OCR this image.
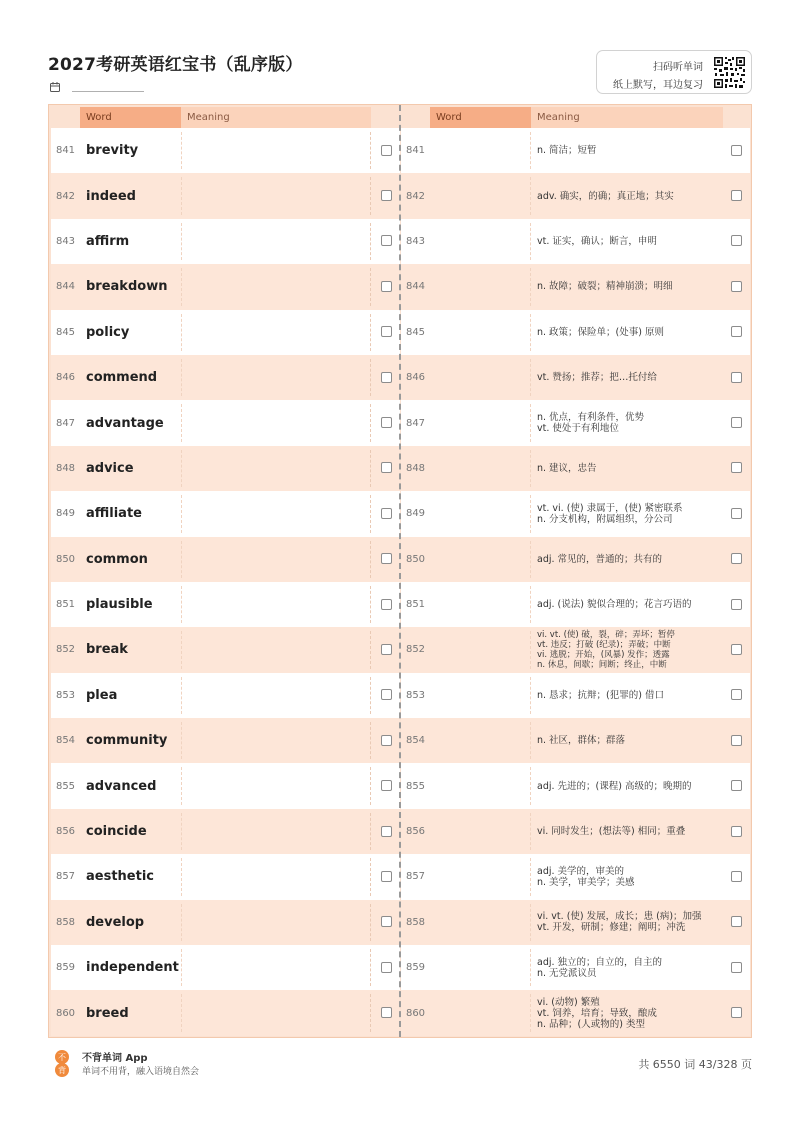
2027考研英语红宝书（乱序版）	扫码听单词
纸上默写，耳边复习
Word	Meaning
841 brevity
842 indeed
843 affirm
844 breakdown
845 policy
846 commend
847 advantage
848 advice
849 affiliate
850 common
851 plausible
852 break
853 plea
854 community
855 advanced
856 coincide
857 aesthetic
858 develop
859 independent
860 breed
Word	Meaning
841	n. 简洁；短暂
842	adv. 确实，的确；真正地；其实
843	vt. 证实，确认；断言，申明
844	n. 故障；破裂；精神崩溃；明细
845	n. 政策；保险单；(处事) 原则
846	vt. 赞扬；推荐；把…托付给
847	n. 优点，有利条件，优势
vt. 使处于有利地位
848	n. 建议，忠告
849	vt. vi. (使) 隶属于，(使) 紧密联系
n. 分支机构，附属组织，分公司
850	adj. 常见的，普通的；共有的
851	adj. (说法) 貌似合理的；花言巧语的
852
vi. vt. (使) 破，裂，碎；弄坏；暂停
vt. 违反；打破 (纪录)；弄破；中断
vi. 逃脱；开始，(风暴) 发作；透露
n. 休息，间歇；间断；终止，中断
853	n. 恳求；抗辩；(犯罪的) 借口
854	n. 社区，群体；群落
855	adj. 先进的；(课程) 高级的；晚期的
856	vi. 同时发生；(想法等) 相同；重叠
857	adj. 美学的，审美的
n. 美学，审美学；美感
858	vi. vt. (使) 发展，成长；患 (病)；加强
vt. 开发，研制；修建；阐明；冲洗
859	adj. 独立的；自立的，自主的
n. 无党派议员
860
vi. (动物) 繁殖
vt. 饲养，培育；导致，酿成
n. 品种；(人或物的) 类型
不
背
不背单词 App
单词不用背，融入语境自然会
共 6550 词 43/328 页
